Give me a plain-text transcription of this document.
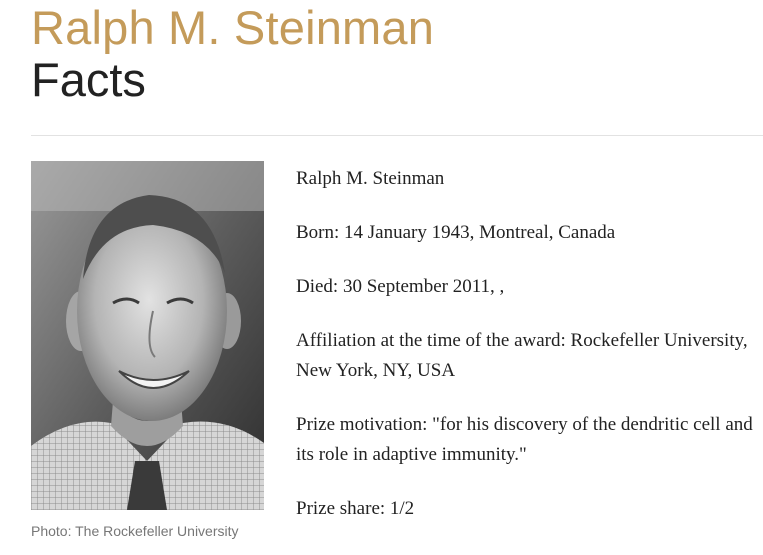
Ralph M. Steinman
Facts
Photo: The Rockefeller University

Ralph M. Steinman

Born: 14 January 1943, Montreal, Canada

Died: 30 September 2011, ,

Affiliation at the time of the award: Rockefeller University, New York, NY, USA

Prize motivation: "for his discovery of the dendritic cell and its role in adaptive immunity."

Prize share: 1/2
